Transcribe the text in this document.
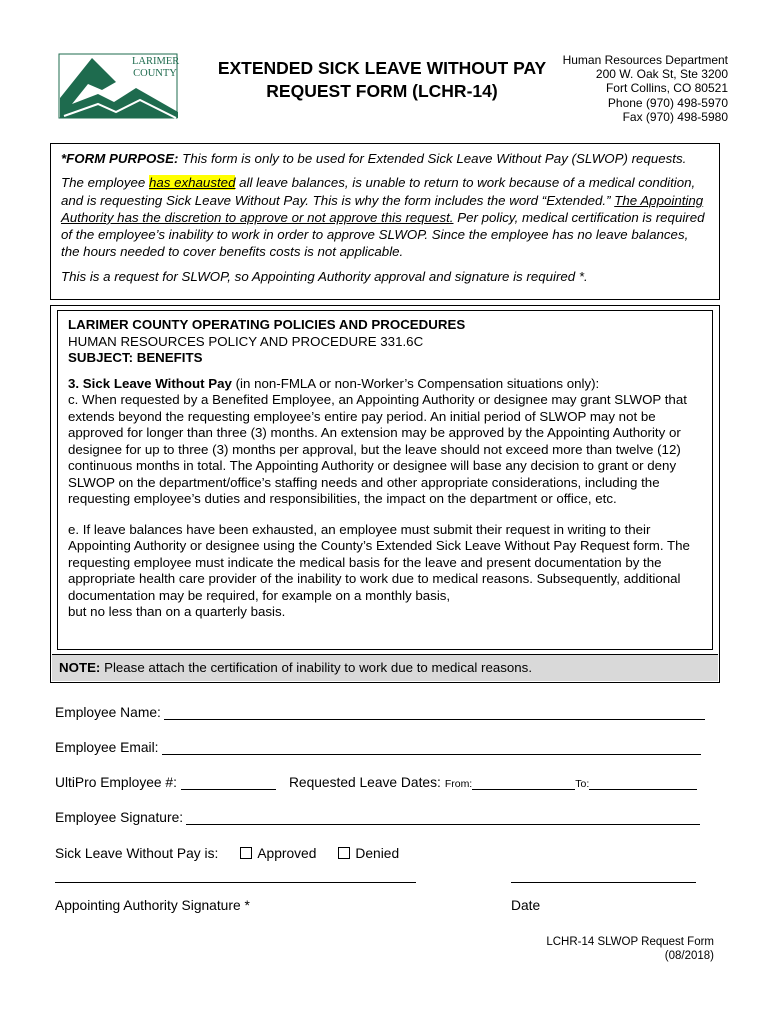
LARIMER
COUNTY	EXTENDED SICK LEAVE WITHOUT PAY
REQUEST FORM (LCHR-14)
Human Resources Department
200 W. Oak St, Ste 3200
Fort Collins, CO 80521
Phone (970) 498-5970
Fax (970) 498-5980

*FORM PURPOSE: This form is only to be used for Extended Sick Leave Without Pay (SLWOP) requests.

The employee has exhausted all leave balances, is unable to return to work because of a medical condition, and is requesting Sick Leave Without Pay. This is why the form includes the word “Extended.” The Appointing Authority has the discretion to approve or not approve this request. Per policy, medical certification is required of the employee’s inability to work in order to approve SLWOP. Since the employee has no leave balances, the hours needed to cover benefits costs is not applicable.

This is a request for SLWOP, so Appointing Authority approval and signature is required *.

LARIMER COUNTY OPERATING POLICIES AND PROCEDURES

HUMAN RESOURCES POLICY AND PROCEDURE 331.6C

SUBJECT: BENEFITS

3. Sick Leave Without Pay (in non-FMLA or non-Worker’s Compensation situations only):

c. When requested by a Benefited Employee, an Appointing Authority or designee may grant SLWOP that extends beyond the requesting employee’s entire pay period. An initial period of SLWOP may not be approved for longer than three (3) months. An extension may be approved by the Appointing Authority or designee for up to three (3) months per approval, but the leave should not exceed more than twelve (12) continuous months in total. The Appointing Authority or designee will base any decision to grant or deny SLWOP on the department/office’s staffing needs and other appropriate considerations, including the requesting employee’s duties and responsibilities, the impact on the department or office, etc.

e. If leave balances have been exhausted, an employee must submit their request in writing to their Appointing Authority or designee using the County’s Extended Sick Leave Without Pay Request form. The requesting employee must indicate the medical basis for the leave and present documentation by the appropriate health care provider of the inability to work due to medical reasons. Subsequently, additional documentation may be required, for example on a monthly basis,

but no less than on a quarterly basis.

NOTE: Please attach the certification of inability to work due to medical reasons.
Employee Name:
Employee Email:
UltiPro Employee #:	Requested Leave Dates: From:	To:
Employee Signature:
Sick Leave Without Pay is:	Approved	Denied
Appointing Authority Signature *	Date
LCHR-14 SLWOP Request Form
(08/2018)
